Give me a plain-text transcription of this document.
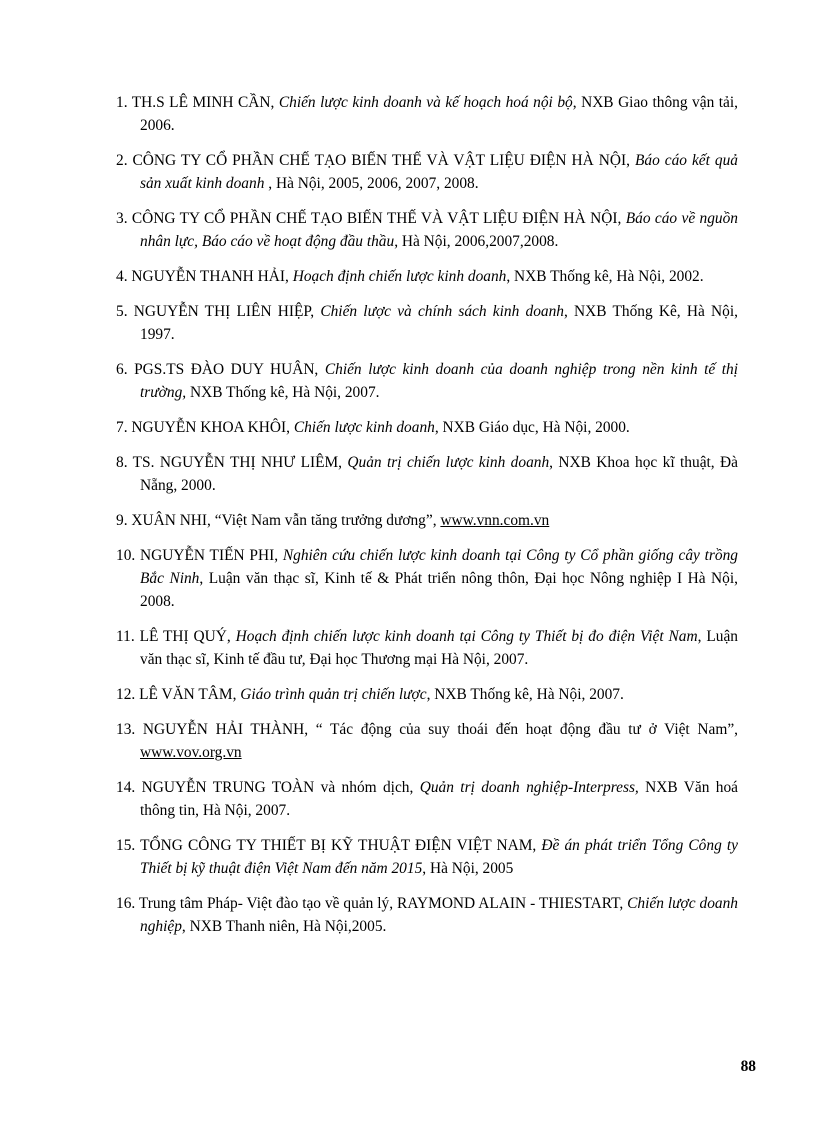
1. TH.S LÊ MINH CẦN, Chiến lược kinh doanh và kế hoạch hoá nội bộ, NXB Giao thông vận tải, 2006.
2. CÔNG TY CỔ PHẦN CHẾ TẠO BIẾN THẾ VÀ VẬT LIỆU ĐIỆN HÀ NỘI, Báo cáo kết quả sản xuất kinh doanh , Hà Nội, 2005, 2006, 2007, 2008.
3. CÔNG TY CỔ PHẦN CHẾ TẠO BIẾN THẾ VÀ VẬT LIỆU ĐIỆN HÀ NỘI, Báo cáo về nguồn nhân lực, Báo cáo về hoạt động đầu thầu, Hà Nội, 2006,2007,2008.
4. NGUYỄN THANH HẢI, Hoạch định chiến lược kinh doanh, NXB Thống kê, Hà Nội, 2002.
5. NGUYỄN THỊ LIÊN HIỆP, Chiến lược và chính sách kinh doanh, NXB Thống Kê, Hà Nội, 1997.
6. PGS.TS ĐÀO DUY HUÂN, Chiến lược kinh doanh của doanh nghiệp trong nền kinh tế thị trường, NXB Thống kê, Hà Nội, 2007.
7. NGUYỄN KHOA KHÔI, Chiến lược kinh doanh, NXB Giáo dục, Hà Nội, 2000.
8. TS. NGUYỄN THỊ NHƯ LIÊM, Quản trị chiến lược kinh doanh, NXB Khoa học kĩ thuật, Đà Nẵng, 2000.
9. XUÂN NHI, “Việt Nam vẫn tăng trưởng dương”, www.vnn.com.vn
10. NGUYỄN TIẾN PHI, Nghiên cứu chiến lược kinh doanh tại Công ty Cổ phần giống cây trồng Bắc Ninh, Luận văn thạc sĩ, Kinh tế & Phát triển nông thôn, Đại học Nông nghiệp I Hà Nội, 2008.
11. LÊ THỊ QUÝ, Hoạch định chiến lược kinh doanh tại Công ty Thiết bị đo điện Việt Nam, Luận văn thạc sĩ, Kinh tế đầu tư, Đại học Thương mại Hà Nội, 2007.
12. LÊ VĂN TÂM, Giáo trình quản trị chiến lược, NXB Thống kê, Hà Nội, 2007.
13. NGUYỄN HẢI THÀNH, “ Tác động của suy thoái đến hoạt động đầu tư ở Việt Nam”, www.vov.org.vn
14. NGUYỄN TRUNG TOÀN và nhóm dịch, Quản trị doanh nghiệp-Interpress, NXB Văn hoá thông tin, Hà Nội, 2007.
15. TỔNG CÔNG TY THIẾT BỊ KỸ THUẬT ĐIỆN VIỆT NAM, Đề án phát triển Tổng Công ty Thiết bị kỹ thuật điện Việt Nam đến năm 2015, Hà Nội, 2005
16. Trung tâm Pháp- Việt đào tạo về quản lý, RAYMOND ALAIN - THIESTART, Chiến lược doanh nghiệp, NXB Thanh niên, Hà Nội,2005.
88
